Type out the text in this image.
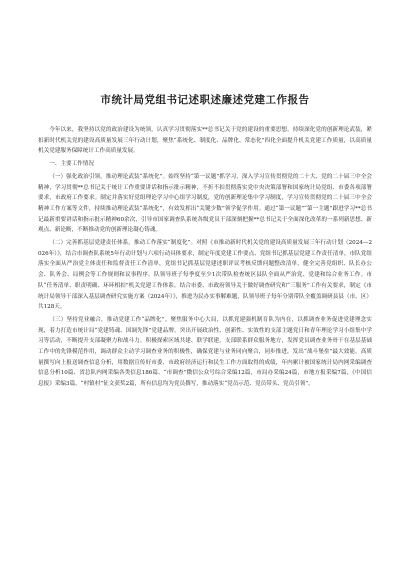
市统计局党组书记述职述廉述党建工作报告

今年以来，我坚持以党的政治建设为统领，认真学习贯彻落实**总书记关于党的建设的重要思想，持续深化党的创新理论武装，紧扣新时代机关党的建设高质量发展三年行动计划，聚焦“系统化、制度化、品牌化、常态化”四化全面提升机关党建工作质量，以高质量机关党建服务保障统计工作高质量发展。

一、主要工作情况

（一）强化政治引领，推动理论武装“系统化”。始终坚持“第一议题”抓学习，深入学习宣传贯彻党的二十大、党的二十届三中全会精神，学习贯彻**总书记关于统计工作重要讲话和指示批示精神，不折不扣贯彻落实党中央决策部署和国家统计局党组、市委各项部署要求，市政府工作要求。制定并落实好党组理论学习中心组学习制度，党的创新理论集中学习制度，学习宣传贯彻党的二十届三中全会精神工作方案等文件，持续推动理论武装“系统化”，有效发挥出“关键少数”领学促学作用。通过“第一议题”“第一主题”跟进学习**总书记最新重要讲话和指示批示精神60余次，引导市国家调查队系统各级党员干部深刻把握**总书记关于全面深化改革的一系列新思想、新观点、新论断，不断推动党的创新理论凝心铸魂。

（二）完善抓基层党建责任体系，推动工作落实“制度化”。对照《市推动新时代机关党的建设高质量发展三年行动计划（2024—2026年）》，结合市调查队系统5年行动计划与六项行动具体要求，制定年度党建工作要点、党组书记抓基层党建工作责任清单，市队党组落实全面从严治党主体责任和监督责任工作清单，党组书记抓基层党建述职评议考核反馈问题整改清单，健全完善党组织、队长办公会、队务会、局例会等工作规则和议事程序。队领导班子每季度至少1次带队检查统区县队全面从严治党、党建和综合业务工作。市队“任务清单、职责明确、环环相扣”机关党建工作体系。结合市委、市政府领导关于做好调查研究和“三服务”工作有关要求，制定《市统计局领导干部深入基层调查研究实施方案（2024年）》，推进为民办实事解难题，队领导班子每年分别带队全覆盖调研县县（市、区）共128天。

（三）坚持党业融合，推动党建工作“品牌化”。聚焦服务中心大局，以抓党建强机制育队为内在，以抓调查业务促进党建理念实现，着力打造市统计局“党建铸魂、国调先锋”党建品牌。突出开展政治性、创新性、实效性的支部主题党日和青年理论学习小组集中学习等活动，不断提升支部凝聚力和战斗力。积极探索区域共建、联学联建，支部联系群众服务地方，发挥党员调查业务骨干在基层基础工作中的先锋模范作用，调动群众主动学习调查业务的积极性，确保党建与业务同向聚合，同步推进，发出“战斗堡垒”最大效能。高质量撰写向上报送调查信息分析，用数据宣传好市委、市政府经济运行和民生工作方面取得的成绩，年内累计被国家统计局内网采编调查信息分析10篇、省总队内网采编各类信息186篇、“市调查”微信公众号综合采编12篇，市局办采编24篇，市地方报采编7篇，《中国信息报》采编3篇，“村镇村”征文获奖2篇，所有信息均为党员撰写，推动落实“党员示范、党员带头、党员引领”。
